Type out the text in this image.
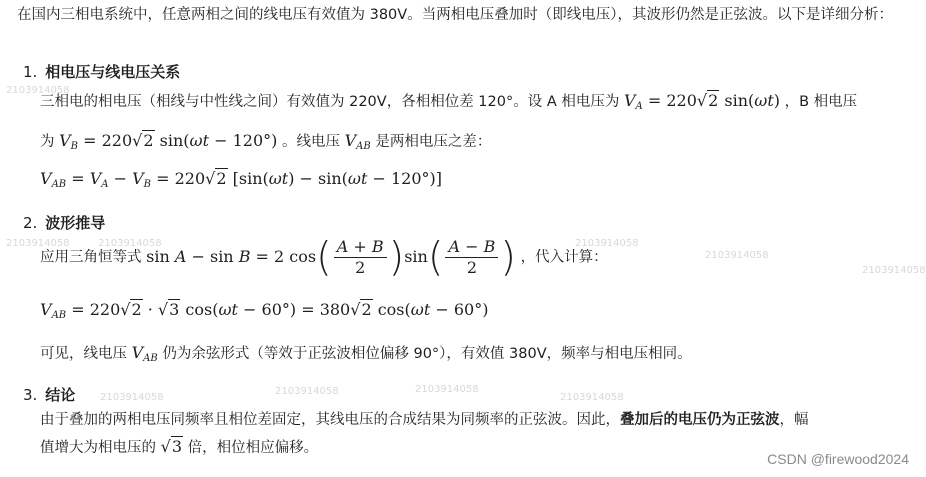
在国内三相电系统中，任意两相之间的线电压有效值为 380V。当两相电压叠加时（即线电压），其波形仍然是正弦波。以下是详细分析：
1. 相电压与线电压关系
三相电的相电压（相线与中性线之间）有效值为 220V，各相相位差 120°。设 A 相电压为 $V_A = 220√2$ sin(ωt) ，B 相电压
为 $V_B = 220√2$ sin(ωt − 120°) 。线电压 $V_{AB}$ 是两相电压之差：
$V_{AB} = V_A - V_B = 220√2$ [sin(ωt) − sin(ωt − 120°)]
2. 波形推导
应用三角恒等式 sin A − sin B = 2 $\cos( \frac{A + B}{2} )\sin( \frac{A - B}{2}$ ) ，代入计算：
$V_{AB} = 220√2 \cdot √3$ cos(ωt − 60°) = 380√2 cos(ωt − 60°)
可见，线电压 $V_{AB}$ 仍为余弦形式（等效于正弦波相位偏移 90°），有效值 380V，频率与相电压相同。
3. 结论
由于叠加的两相电压同频率且相位差固定，其线电压的合成结果为同频率的正弦波。因此，叠加后的电压仍为正弦波，幅
值增大为相电压的 √3 倍，相位相应偏移。
2103914058
2103914058	2103914058	2103914058
2103914058
2103914058
2103914058
2103914058
2103914058
2103914058
CSDN @firewood2024
